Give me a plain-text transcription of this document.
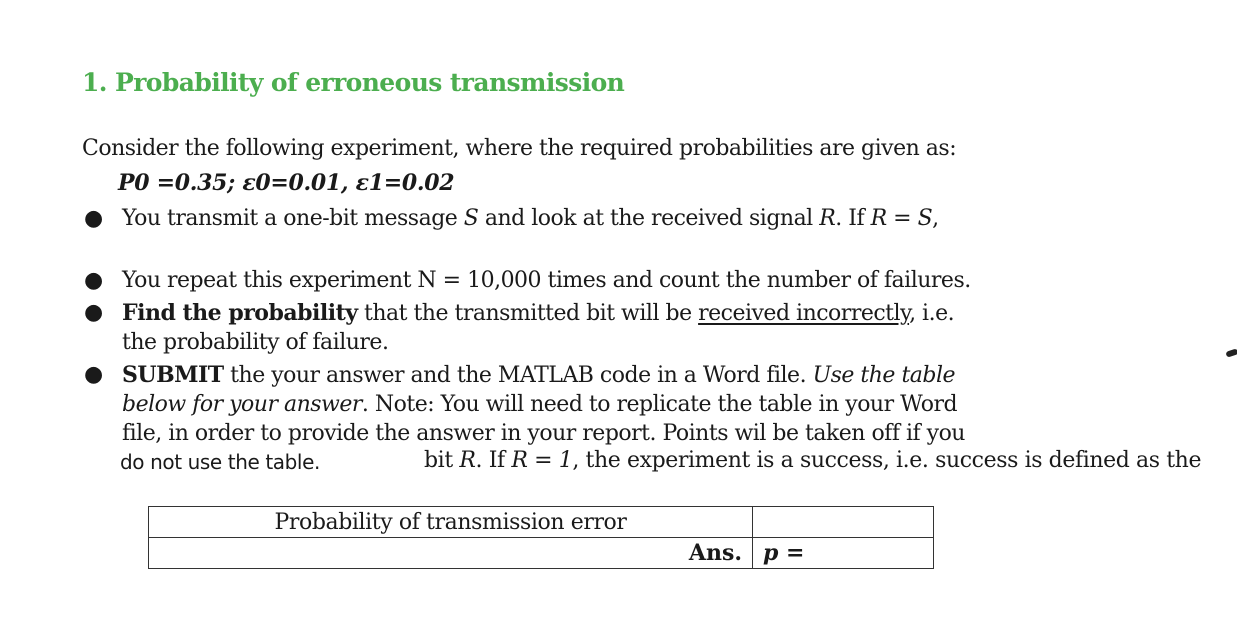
1. Probability of erroneous transmission
Consider the following experiment, where the required probabilities are given as:
P0 =0.35; ε0=0.01, ε1=0.02
● You transmit a one-bit message S and look at the received signal R. If R = S,
● You repeat this experiment N = 10,000 times and count the number of failures.
● Find the probability that the transmitted bit will be received incorrectly, i.e.
the probability of failure.
● SUBMIT the your answer and the MATLAB code in a Word file. Use the table
below for your answer. Note: You will need to replicate the table in your Word
file, in order to provide the answer in your report. Points wil be taken off if you
do not use the table.	bit R. If R = 1, the experiment is a success, i.e. success is defined as the
Probability of transmission error	
Ans.	p =
